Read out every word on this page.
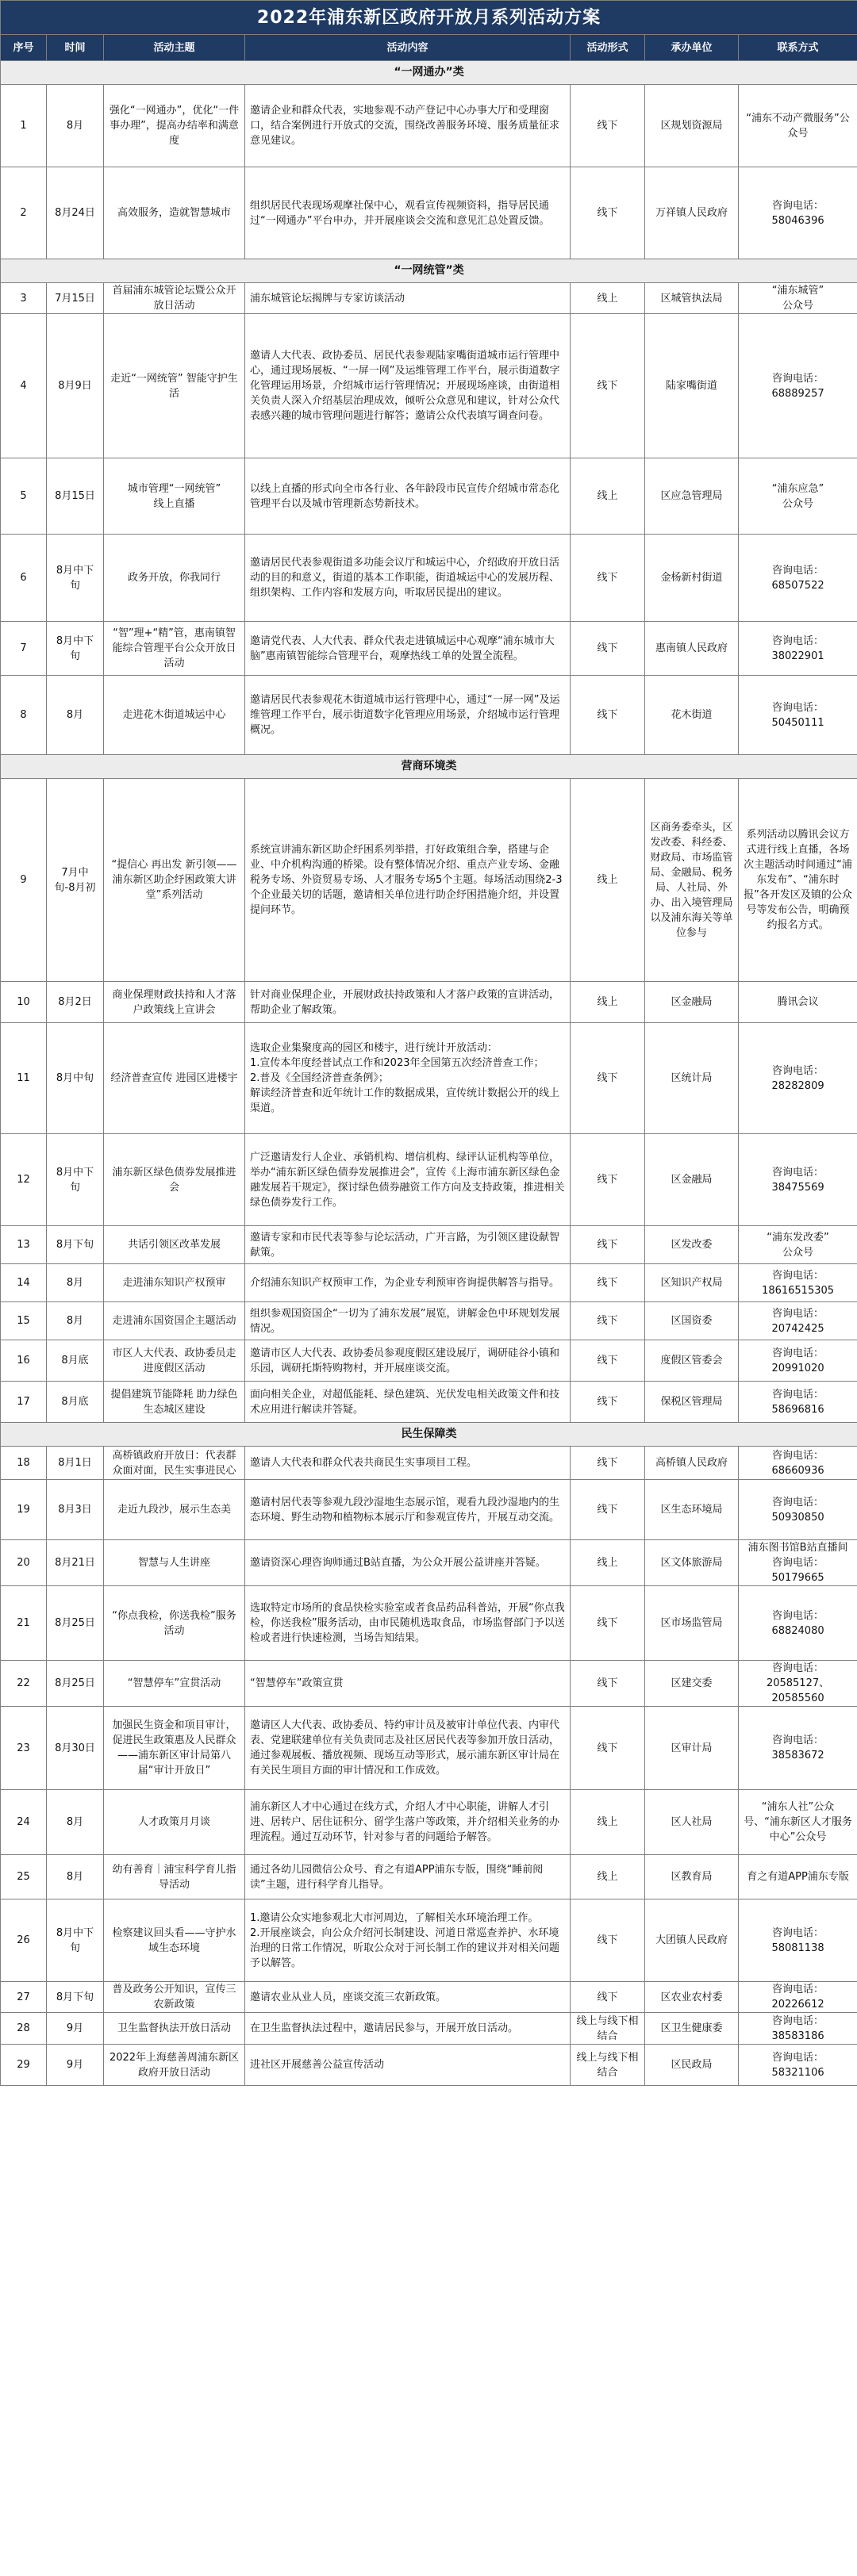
2022年浦东新区政府开放月系列活动方案						
序号	时间	活动主题	活动内容	活动形式	承办单位	联系方式
“一网通办”类						
1	8月	强化“一网通办”，优化“一件事办理”，提高办结率和满意度	邀请企业和群众代表，实地参观不动产登记中心办事大厅和受理窗口，结合案例进行开放式的交流，围绕改善服务环境、服务质量征求意见建议。	线下	区规划资源局	“浦东不动产微服务”公众号
2	8月24日	高效服务，造就智慧城市	组织居民代表现场观摩社保中心，观看宣传视频资料，指导居民通过“一网通办”平台申办，并开展座谈会交流和意见汇总处置反馈。	线下	万祥镇人民政府	咨询电话：
58046396
“一网统管”类						
3	7月15日	首届浦东城管论坛暨公众开放日活动	浦东城管论坛揭牌与专家访谈活动	线上	区城管执法局	“浦东城管”
公众号
4	8月9日	走近“一网统管” 智能守护生活	邀请人大代表、政协委员、居民代表参观陆家嘴街道城市运行管理中心，通过现场展板、“一屏一网”及运维管理工作平台，展示街道数字化管理运用场景，介绍城市运行管理情况；开展现场座谈，由街道相关负责人深入介绍基层治理成效，倾听公众意见和建议，针对公众代表感兴趣的城市管理问题进行解答；邀请公众代表填写调查问卷。	线下	陆家嘴街道	咨询电话：
68889257
5	8月15日	城市管理“一网统管”
线上直播	以线上直播的形式向全市各行业、各年龄段市民宣传介绍城市常态化管理平台以及城市管理新态势新技术。	线上	区应急管理局	“浦东应急”
公众号
6	8月中下旬	政务开放，你我同行	邀请居民代表参观街道多功能会议厅和城运中心，介绍政府开放日活动的目的和意义，街道的基本工作职能，街道城运中心的发展历程、组织架构、工作内容和发展方向，听取居民提出的建议。	线下	金杨新村街道	咨询电话：
68507522
7	8月中下旬	“智”理+“精”管，惠南镇智能综合管理平台公众开放日活动	邀请党代表、人大代表、群众代表走进镇城运中心观摩“浦东城市大脑”惠南镇智能综合管理平台，观摩热线工单的处置全流程。	线下	惠南镇人民政府	咨询电话：
38022901
8	8月	走进花木街道城运中心	邀请居民代表参观花木街道城市运行管理中心，通过“一屏一网”及运维管理工作平台，展示街道数字化管理应用场景，介绍城市运行管理概况。	线下	花木街道	咨询电话：
50450111
营商环境类						
9	7月中旬-8月初	“提信心 再出发 新引领——浦东新区助企纾困政策大讲堂”系列活动	系统宣讲浦东新区助企纾困系列举措，打好政策组合拳，搭建与企业、中介机构沟通的桥梁。设有整体情况介绍、重点产业专场、金融税务专场、外资贸易专场、人才服务专场5个主题。每场活动围绕2-3个企业最关切的话题，邀请相关单位进行助企纾困措施介绍，并设置提问环节。	线上	区商务委牵头，区发改委、科经委、财政局、市场监管局、金融局、税务局、人社局、外办、出入境管理局以及浦东海关等单位参与	系列活动以腾讯会议方式进行线上直播，各场次主题活动时间通过“浦东发布”、“浦东时报”各开发区及镇的公众号等发布公告，明确预约报名方式。
10	8月2日	商业保理财政扶持和人才落户政策线上宣讲会	针对商业保理企业，开展财政扶持政策和人才落户政策的宣讲活动，帮助企业了解政策。	线上	区金融局	腾讯会议
11	8月中旬	经济普查宣传 进园区进楼宇	选取企业集聚度高的园区和楼宇，进行统计开放活动：
1.宣传本年度经普试点工作和2023年全国第五次经济普查工作；
2.普及《全国经济普查条例》；
解读经济普查和近年统计工作的数据成果，宣传统计数据公开的线上渠道。	线下	区统计局	咨询电话：
28282809
12	8月中下旬	浦东新区绿色债券发展推进会	广泛邀请发行人企业、承销机构、增信机构、绿评认证机构等单位，举办“浦东新区绿色债券发展推进会”，宣传《上海市浦东新区绿色金融发展若干规定》，探讨绿色债券融资工作方向及支持政策，推进相关绿色债券发行工作。	线下	区金融局	咨询电话：
38475569
13	8月下旬	共话引领区改革发展	邀请专家和市民代表等参与论坛活动，广开言路，为引领区建设献智献策。	线下	区发改委	“浦东发改委”
公众号
14	8月	走进浦东知识产权预审	介绍浦东知识产权预审工作，为企业专利预审咨询提供解答与指导。	线下	区知识产权局	咨询电话：
18616515305
15	8月	走进浦东国资国企主题活动	组织参观国资国企“一切为了浦东发展”展览，讲解金色中环规划发展情况。	线下	区国资委	咨询电话：
20742425
16	8月底	市区人大代表、政协委员走进度假区活动	邀请市区人大代表、政协委员参观度假区建设展厅，调研硅谷小镇和乐园，调研托斯特购物村，并开展座谈交流。	线下	度假区管委会	咨询电话：
20991020
17	8月底	提倡建筑节能降耗 助力绿色生态城区建设	面向相关企业，对超低能耗、绿色建筑、光伏发电相关政策文件和技术应用进行解读并答疑。	线下	保税区管理局	咨询电话：
58696816
民生保障类						
18	8月1日	高桥镇政府开放日：代表群众面对面，民生实事进民心	邀请人大代表和群众代表共商民生实事项目工程。	线下	高桥镇人民政府	咨询电话：
68660936
19	8月3日	走近九段沙，展示生态美	邀请村居代表等参观九段沙湿地生态展示馆，观看九段沙湿地内的生态环境、野生动物和植物标本展示厅和参观宣传片，开展互动交流。	线下	区生态环境局	咨询电话：
50930850
20	8月21日	智慧与人生讲座	邀请资深心理咨询师通过B站直播，为公众开展公益讲座并答疑。	线上	区文体旅游局	浦东图书馆B站直播间
咨询电话：
50179665
21	8月25日	“你点我检，你送我检”服务活动	选取特定市场所的食品快检实验室或者食品药品科普站，开展“你点我检，你送我检”服务活动，由市民随机选取食品，市场监督部门予以送检或者进行快速检测，当场告知结果。	线下	区市场监管局	咨询电话：
68824080
22	8月25日	“智慧停车”宣贯活动	“智慧停车”政策宣贯	线下	区建交委	咨询电话：
20585127、
20585560
23	8月30日	加强民生资金和项目审计，促进民生政策惠及人民群众——浦东新区审计局第八届“审计开放日”	邀请区人大代表、政协委员、特约审计员及被审计单位代表、内审代表、党建联建单位有关负责同志及社区居民代表等参加开放日活动，通过参观展板、播放视频、现场互动等形式，展示浦东新区审计局在有关民生项目方面的审计情况和工作成效。	线下	区审计局	咨询电话：
38583672
24	8月	人才政策月月谈	浦东新区人才中心通过在线方式，介绍人才中心职能，讲解人才引进、居转户、居住证积分、留学生落户等政策，并介绍相关业务的办理流程。通过互动环节，针对参与者的问题给予解答。	线上	区人社局	“浦东人社”公众号、“浦东新区人才服务中心”公众号
25	8月	幼有善育｜浦宝科学育儿指导活动	通过各幼儿园微信公众号、育之有道APP浦东专版，围绕“睡前阅读”主题，进行科学育儿指导。	线上	区教育局	育之有道APP浦东专版
26	8月中下旬	检察建议回头看——守护水域生态环境	1.邀请公众实地参观北大市河周边，了解相关水环境治理工作。
2.开展座谈会，向公众介绍河长制建设、河道日常巡查养护、水环境治理的日常工作情况，听取公众对于河长制工作的建议并对相关问题予以解答。	线下	大团镇人民政府	咨询电话：
58081138
27	8月下旬	普及政务公开知识，宣传三农新政策	邀请农业从业人员，座谈交流三农新政策。	线下	区农业农村委	咨询电话：
20226612
28	9月	卫生监督执法开放日活动	在卫生监督执法过程中，邀请居民参与，开展开放日活动。	线上与线下相结合	区卫生健康委	咨询电话：
38583186
29	9月	2022年上海慈善周浦东新区政府开放日活动	进社区开展慈善公益宣传活动	线上与线下相结合	区民政局	咨询电话：
58321106
